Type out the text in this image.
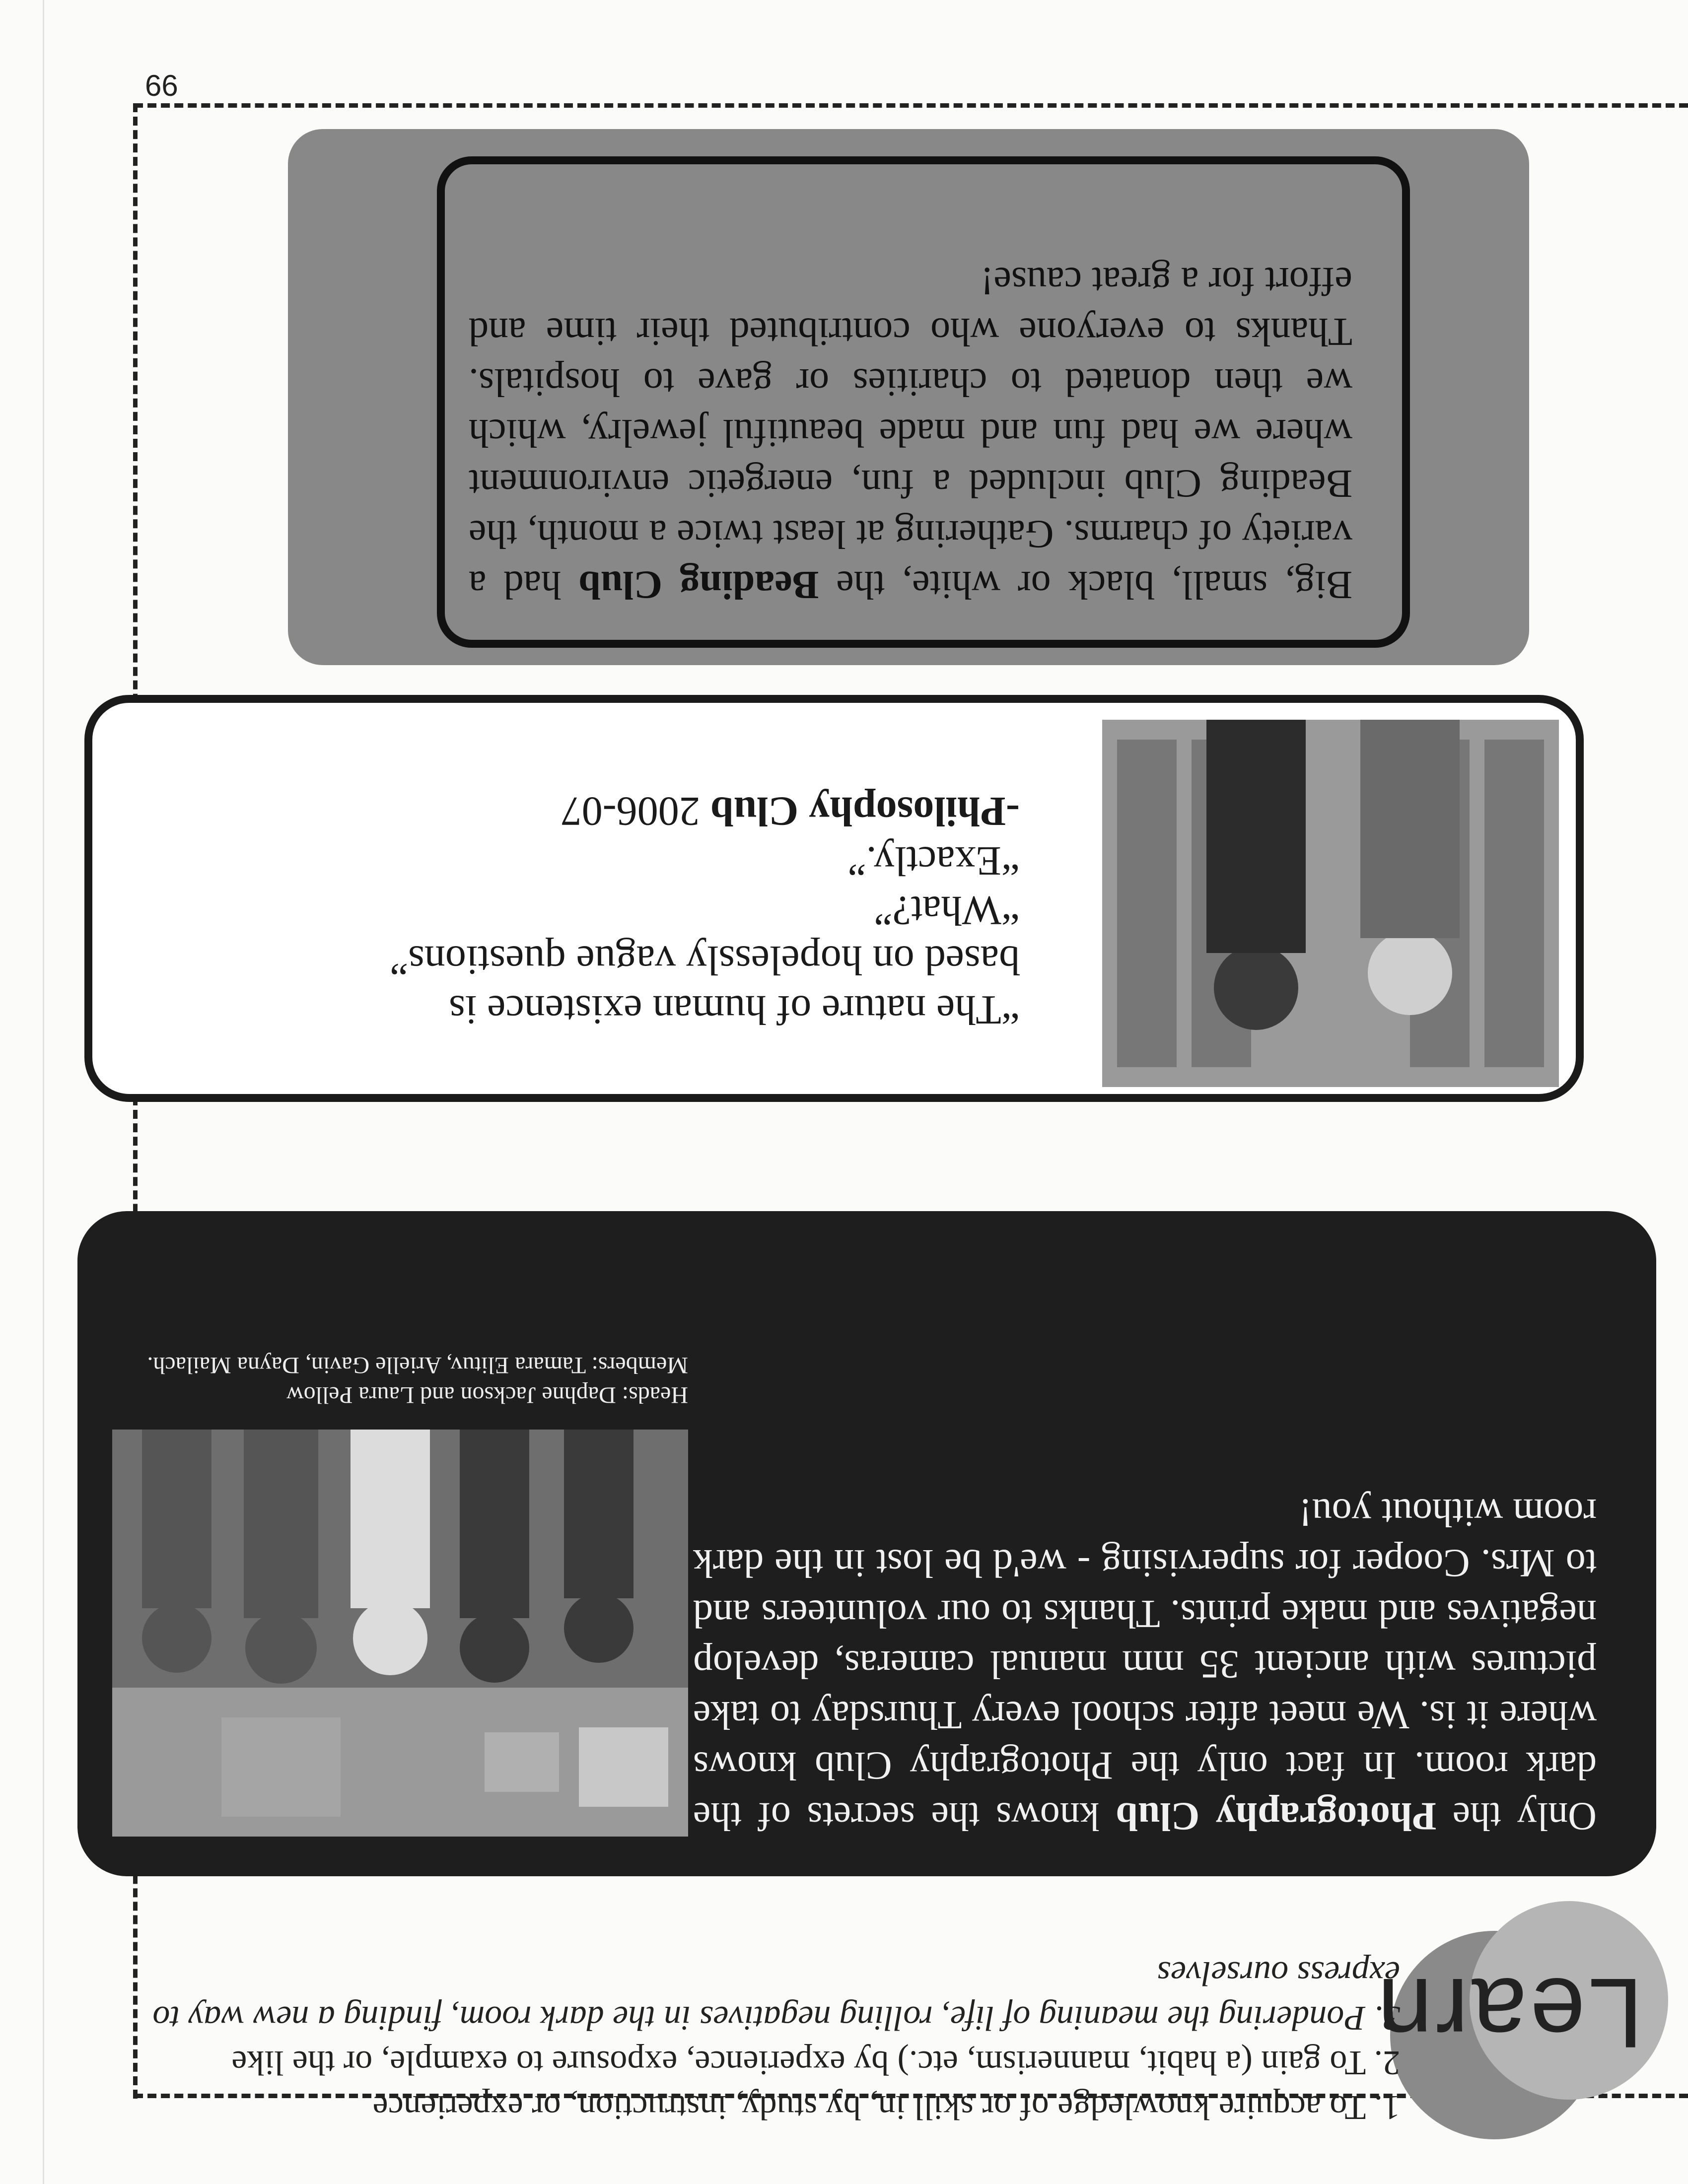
66
Learn

1. To acquire knowledge of or skill in, by study, instruction, or experience

2. To gain (a habit, mannerism, etc.) by experience, exposure to example, or the like

3. Pondering the meaning of life, rolling negatives in the dark room, finding a new way to express ourselves

Only the Photography Club knows the secrets of the dark room. In fact only the Photography Club knows where it is. We meet after school every Thursday to take pictures with ancient 35 mm manual cameras, develop negatives and make prints. Thanks to our volunteers and to Mrs. Cooper for supervising - we'd be lost in the dark room without you!
Heads: Daphne Jackson and Laura Pellow
Members: Tamara Elituv, Arielle Gavin, Dayna Mailach.

“The nature of human existence is

based on hopelessly vague questions”

“What?”

“Exactly.”

-Philosophy Club 2006-07

Big, small, black or white, the Beading Club had a variety of charms. Gathering at least twice a month, the Beading Club included a fun, energetic environment where we had fun and made beautiful jewelry, which we then donated to charities or gave to hospitals. Thanks to everyone who contributed their time and effort for a great cause!
